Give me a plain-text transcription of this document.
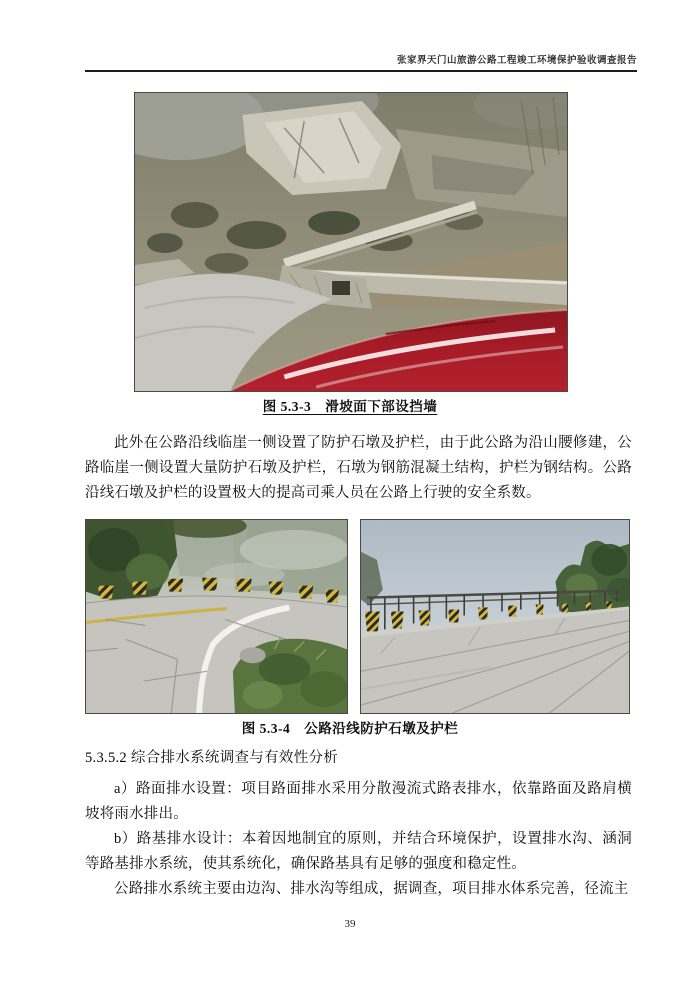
张家界天门山旅游公路工程竣工环境保护验收调查报告
图 5.3-3　滑坡面下部设挡墙
此外在公路沿线临崖一侧设置了防护石墩及护栏，由于此公路为沿山腰修建，公路临崖一侧设置大量防护石墩及护栏，石墩为钢筋混凝土结构，护栏为钢结构。公路沿线石墩及护栏的设置极大的提高司乘人员在公路上行驶的安全系数。
图 5.3-4　公路沿线防护石墩及护栏
5.3.5.2 综合排水系统调查与有效性分析
a）路面排水设置：项目路面排水采用分散漫流式路表排水，依靠路面及路肩横坡将雨水排出。
b）路基排水设计：本着因地制宜的原则，并结合环境保护，设置排水沟、涵洞等路基排水系统，使其系统化，确保路基具有足够的强度和稳定性。
公路排水系统主要由边沟、排水沟等组成，据调查，项目排水体系完善，径流主
39
